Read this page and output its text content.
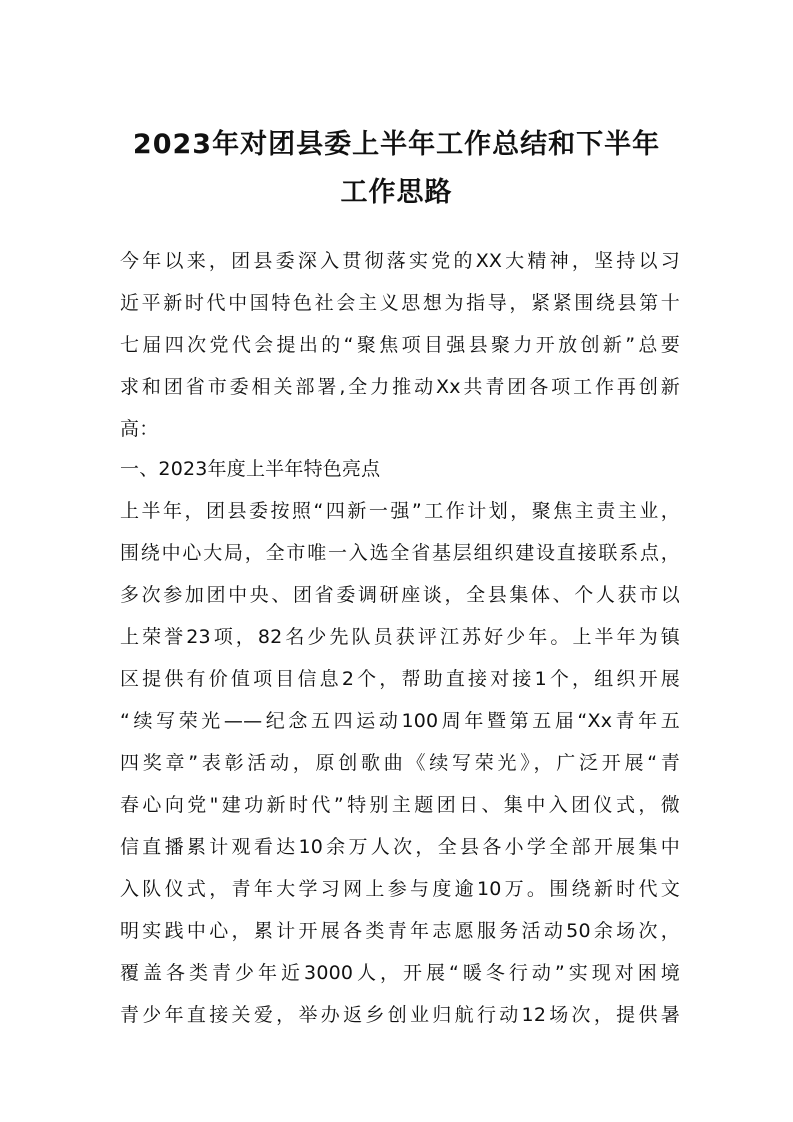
2023年对团县委上半年工作总结和下半年
工作思路
今年以来，团县委深入贯彻落实党的XX大精神，坚持以习
近平新时代中国特色社会主义思想为指导，紧紧围绕县第十
七届四次党代会提出的“聚焦项目强县聚力开放创新”总要
求和团省市委相关部署,全力推动Xx共青团各项工作再创新
高：
一、2023年度上半年特色亮点
上半年，团县委按照“四新一强”工作计划，聚焦主责主业，
围绕中心大局，全市唯一入选全省基层组织建设直接联系点，
多次参加团中央、团省委调研座谈，全县集体、个人获市以
上荣誉23项，82名少先队员获评江苏好少年。上半年为镇
区提供有价值项目信息2个，帮助直接对接1个，组织开展
“续写荣光——纪念五四运动100周年暨第五届“Xx青年五
四奖章”表彰活动，原创歌曲《续写荣光》，广泛开展“青
春心向党"建功新时代”特别主题团日、集中入团仪式，微
信直播累计观看达10余万人次，全县各小学全部开展集中
入队仪式，青年大学习网上参与度逾10万。围绕新时代文
明实践中心，累计开展各类青年志愿服务活动50余场次，
覆盖各类青少年近3000人，开展“暖冬行动”实现对困境
青少年直接关爱，举办返乡创业归航行动12场次，提供暑
